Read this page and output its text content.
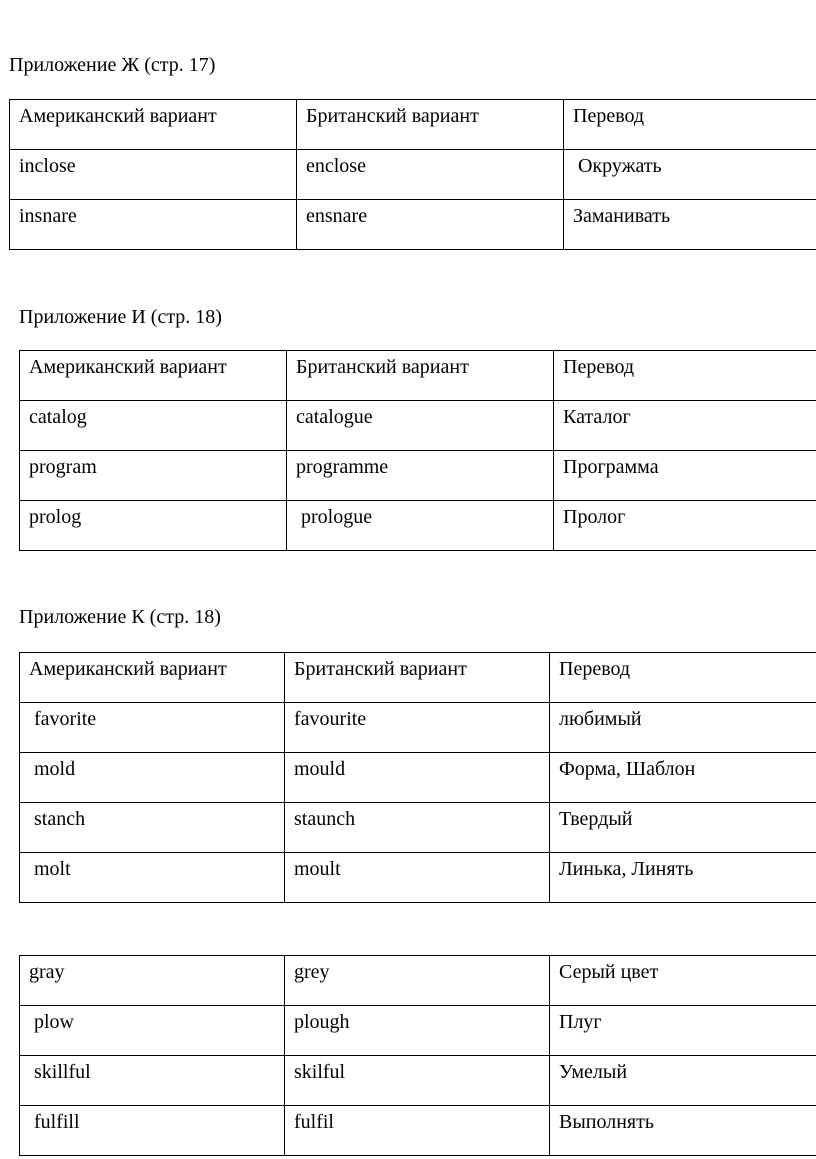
Приложение Ж (стр. 17)
Американский вариант	Британский вариант	Перевод

inclose	enclose	Окружать

insnare	ensnare	Заманивать
Приложение И (стр. 18)
Американский вариант	Британский вариант	Перевод

catalog	catalogue	Каталог

program	programme	Программа

prolog	prologue	Пролог
Приложение К (стр. 18)
Американский вариант	Британский вариант	Перевод

favorite	favourite	любимый

mold	mould	Форма, Шаблон

stanch	staunch	Твердый

molt	moult	Линька, Линять
gray	grey	Серый цвет

plow	plough	Плуг

skillful	skilful	Умелый

fulfill	fulfil	Выполнять
